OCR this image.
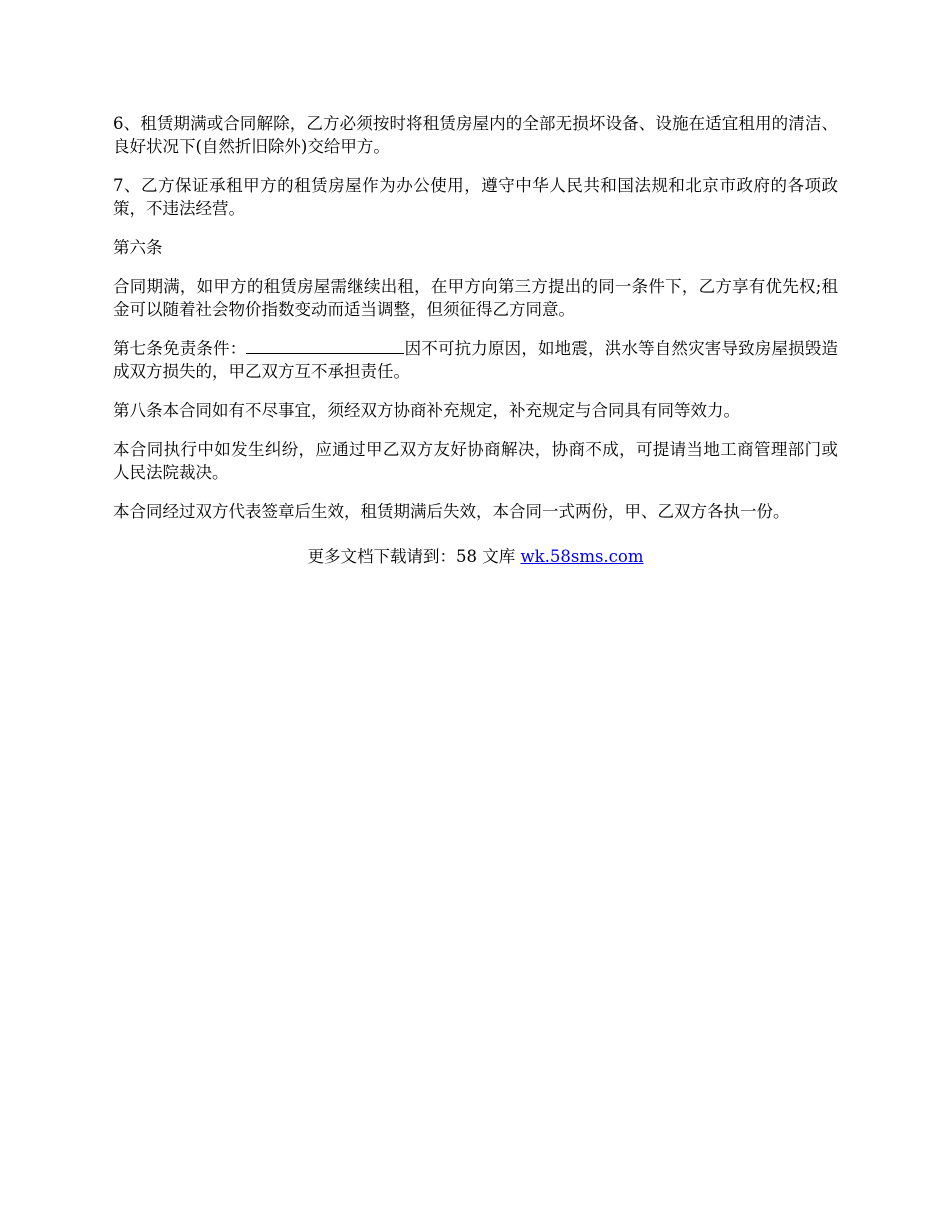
6、租赁期满或合同解除，乙方必须按时将租赁房屋内的全部无损坏设备、设施在适宜租用的清洁、良好状况下(自然折旧除外)交给甲方。

7、乙方保证承租甲方的租赁房屋作为办公使用，遵守中华人民共和国法规和北京市政府的各项政策，不违法经营。

第六条

合同期满，如甲方的租赁房屋需继续出租，在甲方向第三方提出的同一条件下，乙方享有优先权;租金可以随着社会物价指数变动而适当调整，但须征得乙方同意。

第七条免责条件：	因不可抗力原因，如地震，洪水等自然灾害导致房屋损毁造成双方损失的，甲乙双方互不承担责任。

第八条本合同如有不尽事宜，须经双方协商补充规定，补充规定与合同具有同等效力。

本合同执行中如发生纠纷，应通过甲乙双方友好协商解决，协商不成，可提请当地工商管理部门或人民法院裁决。

本合同经过双方代表签章后生效，租赁期满后失效，本合同一式两份，甲、乙双方各执一份。

更多文档下载请到：58 文库 wk.58sms.com
